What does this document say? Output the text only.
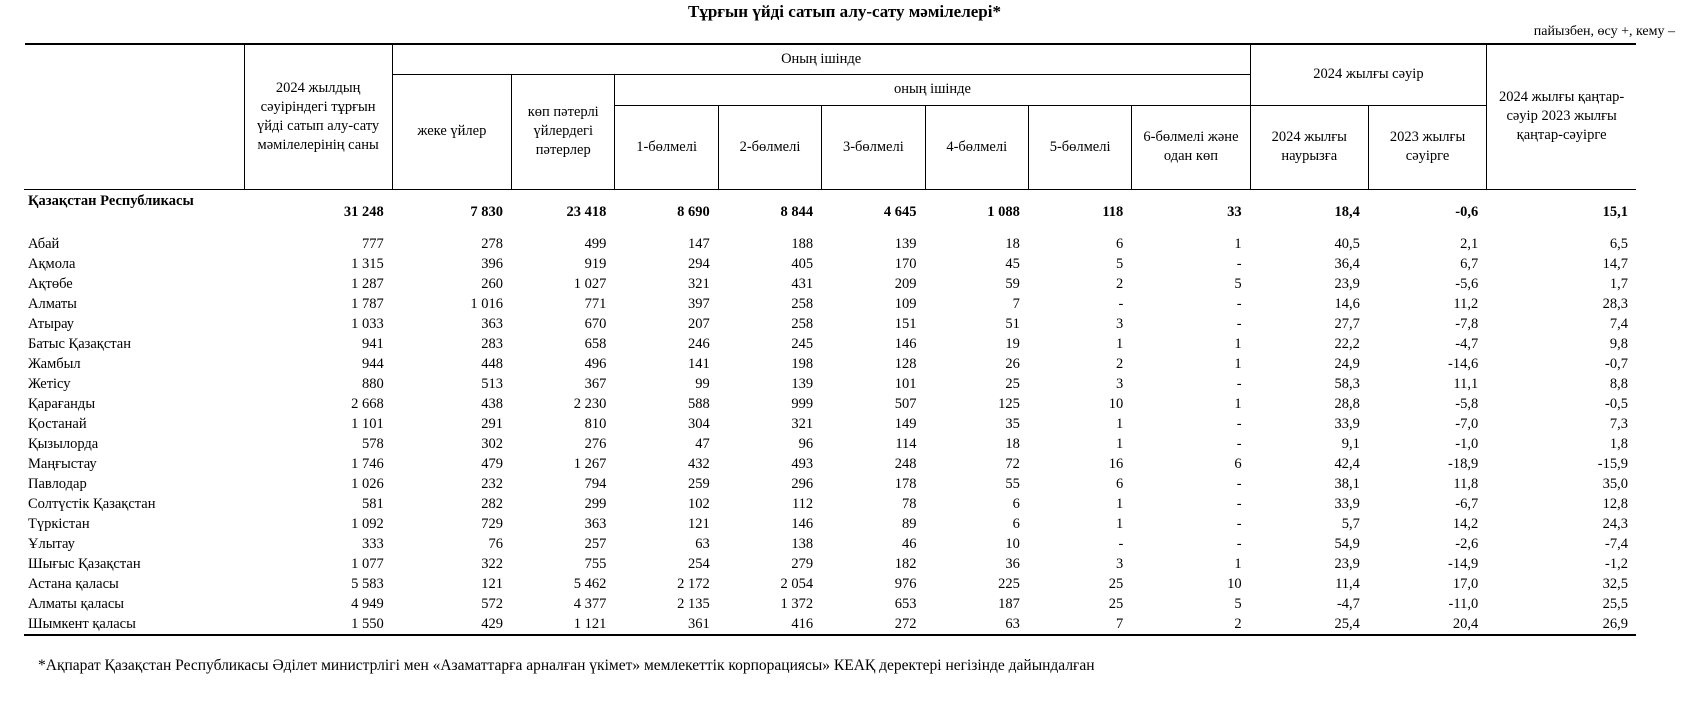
Тұрғын үйді сатып алу-сату мәмілелері*
пайызбен, өсу +, кему –
	2024 жылдың сәуіріндегі тұрғын үйді сатып алу-сату мәмілелерінің саны	Оның ішінде								2024 жылғы сәуір		2024 жылғы қаңтар-сәуір 2023 жылғы қаңтар-сәуірге
		жеке үйлер	көп пәтерлі үйлердегі пәтерлер	оның ішінде								
				1-бөлмелі	2-бөлмелі	3-бөлмелі	4-бөлмелі	5-бөлмелі	6-бөлмелі және одан көп	2024 жылғы наурызға	2023 жылғы сәуірге	
Қазақстан Республикасы	31 248	7 830	23 418	8 690	8 844	4 645	1 088	118	33	18,4	-0,6	15,1
Абай	777	278	499	147	188	139	18	6	1	40,5	2,1	6,5
Ақмола	1 315	396	919	294	405	170	45	5	-	36,4	6,7	14,7
Ақтөбе	1 287	260	1 027	321	431	209	59	2	5	23,9	-5,6	1,7
Алматы	1 787	1 016	771	397	258	109	7	-	-	14,6	11,2	28,3
Атырау	1 033	363	670	207	258	151	51	3	-	27,7	-7,8	7,4
Батыс Қазақстан	941	283	658	246	245	146	19	1	1	22,2	-4,7	9,8
Жамбыл	944	448	496	141	198	128	26	2	1	24,9	-14,6	-0,7
Жетісу	880	513	367	99	139	101	25	3	-	58,3	11,1	8,8
Қарағанды	2 668	438	2 230	588	999	507	125	10	1	28,8	-5,8	-0,5
Қостанай	1 101	291	810	304	321	149	35	1	-	33,9	-7,0	7,3
Қызылорда	578	302	276	47	96	114	18	1	-	9,1	-1,0	1,8
Маңғыстау	1 746	479	1 267	432	493	248	72	16	6	42,4	-18,9	-15,9
Павлодар	1 026	232	794	259	296	178	55	6	-	38,1	11,8	35,0
Солтүстік Қазақстан	581	282	299	102	112	78	6	1	-	33,9	-6,7	12,8
Түркістан	1 092	729	363	121	146	89	6	1	-	5,7	14,2	24,3
Ұлытау	333	76	257	63	138	46	10	-	-	54,9	-2,6	-7,4
Шығыс Қазақстан	1 077	322	755	254	279	182	36	3	1	23,9	-14,9	-1,2
Астана қаласы	5 583	121	5 462	2 172	2 054	976	225	25	10	11,4	17,0	32,5
Алматы қаласы	4 949	572	4 377	2 135	1 372	653	187	25	5	-4,7	-11,0	25,5
Шымкент қаласы	1 550	429	1 121	361	416	272	63	7	2	25,4	20,4	26,9
*Ақпарат Қазақстан Республикасы Әділет министрлігі мен «Азаматтарға арналған үкімет» мемлекеттік корпорациясы» КЕАҚ деректері негізінде дайындалған
